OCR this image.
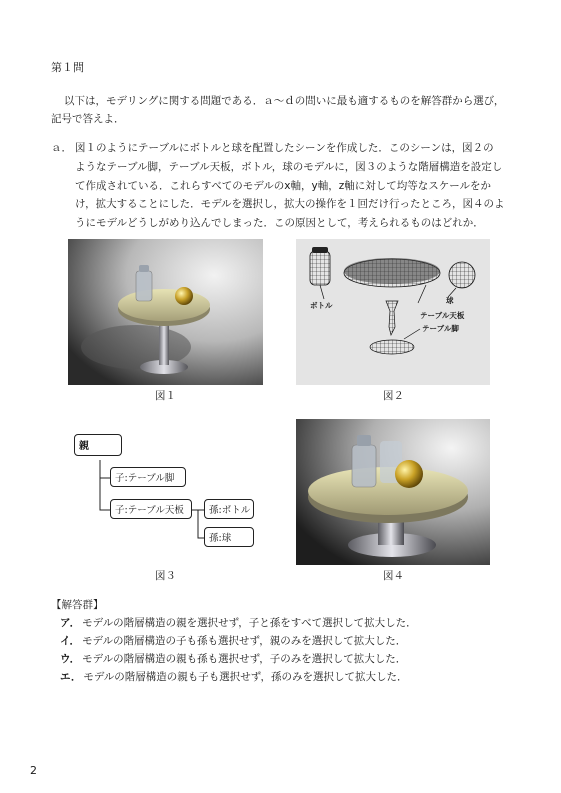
第１問
以下は，モデリングに関する問題である．ａ～ｄの問いに最も適するものを解答群から選び，
記号で答えよ．
ａ． 図１のようにテーブルにボトルと球を配置したシーンを作成した．このシーンは，図２の
ようなテーブル脚，テーブル天板，ボトル，球のモデルに，図３のような階層構造を設定し
て作成されている．これらすべてのモデルのx軸，y軸，z軸に対して均等なスケールをか
け，拡大することにした．モデルを選択し，拡大の操作を１回だけ行ったところ，図４のよ
うにモデルどうしがめり込んでしまった．この原因として，考えられるものはどれか．
図１
ボトル
球
テーブル天板
テーブル脚
図２
親
子:テーブル脚
子:テーブル天板	孫:ボトル
孫:球
図３	図４
【解答群】
ア． モデルの階層構造の親を選択せず，子と孫をすべて選択して拡大した．
イ． モデルの階層構造の子も孫も選択せず，親のみを選択して拡大した．
ウ． モデルの階層構造の親も孫も選択せず，子のみを選択して拡大した．
エ． モデルの階層構造の親も子も選択せず，孫のみを選択して拡大した．
2
